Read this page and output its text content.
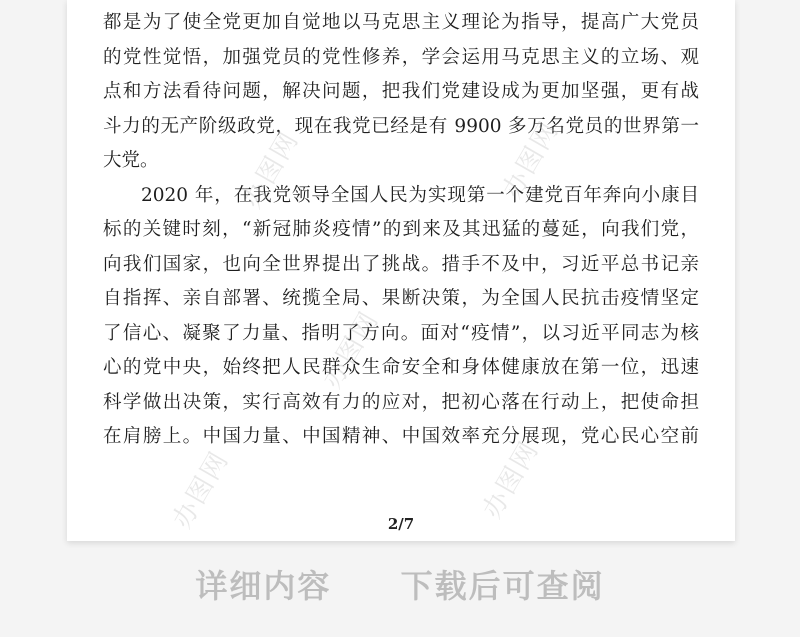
都是为了使全党更加自觉地以马克思主义理论为指导，提高广大党员
的党性觉悟，加强党员的党性修养，学会运用马克思主义的立场、观
点和方法看待问题，解决问题，把我们党建设成为更加坚强，更有战
斗力的无产阶级政党，现在我党已经是有 9900 多万名党员的世界第一
大党。
2020 年，在我党领导全国人民为实现第一个建党百年奔向小康目
标的关键时刻，“新冠肺炎疫情”的到来及其迅猛的蔓延，向我们党，
向我们国家，也向全世界提出了挑战。措手不及中，习近平总书记亲
自指挥、亲自部署、统揽全局、果断决策，为全国人民抗击疫情坚定
了信心、凝聚了力量、指明了方向。面对“疫情”，以习近平同志为核
心的党中央，始终把人民群众生命安全和身体健康放在第一位，迅速
科学做出决策，实行高效有力的应对，把初心落在行动上，把使命担
在肩膀上。中国力量、中国精神、中国效率充分展现，党心民心空前
办图网	办图网
办图网
办图网	办图网
2/7
详细内容 下载后可查阅
